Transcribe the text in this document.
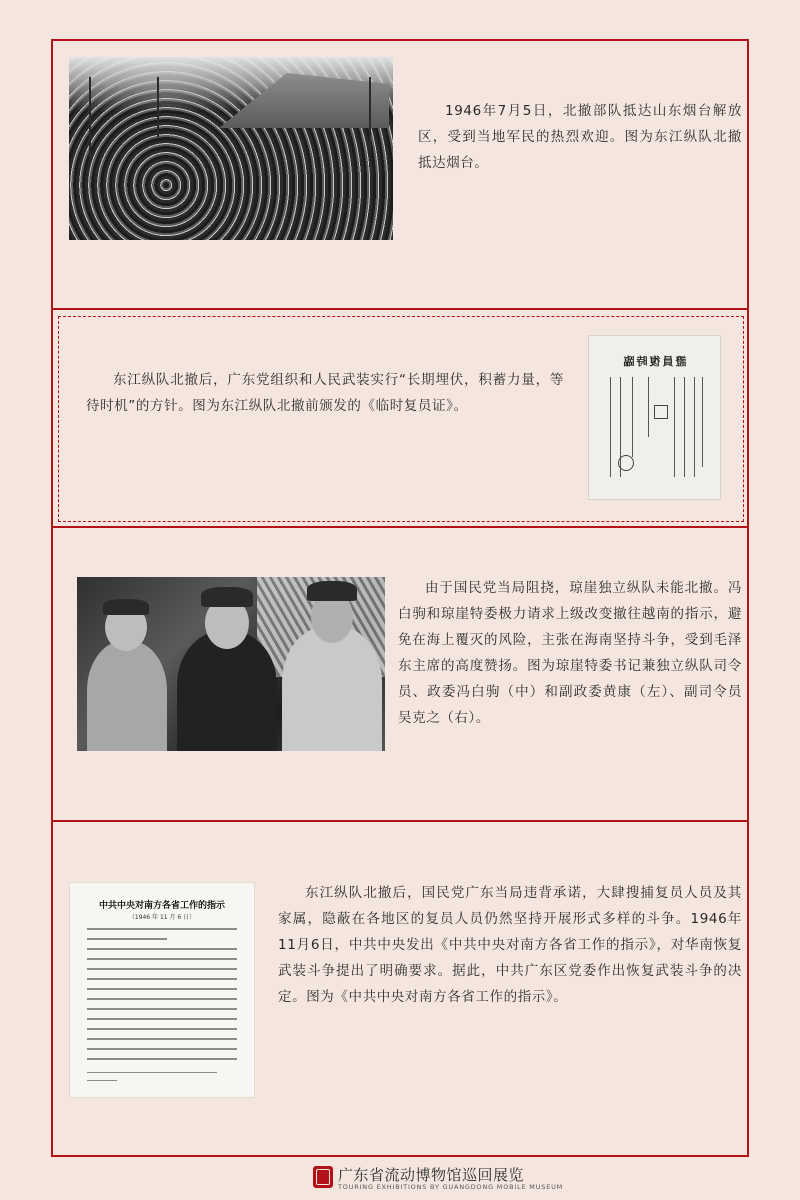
1946年7月5日，北撤部队抵达山东烟台解放区，受到当地军民的热烈欢迎。图为东江纵队北撤抵达烟台。

东江纵队北撤后，广东党组织和人民武装实行“长期埋伏，积蓄力量，等待时机”的方针。图为东江纵队北撤前颁发的《临时复员证》。

證員復時臨

由于国民党当局阻挠，琼崖独立纵队未能北撤。冯白驹和琼崖特委极力请求上级改变撤往越南的指示，避免在海上覆灭的风险，主张在海南坚持斗争，受到毛泽东主席的高度赞扬。图为琼崖特委书记兼独立纵队司令员、政委冯白驹（中）和副政委黄康（左）、副司令员吴克之（右）。

中共中央对南方各省工作的指示
（1946 年 11 月 6 日）

东江纵队北撤后，国民党广东当局违背承诺，大肆搜捕复员人员及其家属，隐蔽在各地区的复员人员仍然坚持开展形式多样的斗争。1946年11月6日，中共中央发出《中共中央对南方各省工作的指示》，对华南恢复武装斗争提出了明确要求。据此，中共广东区党委作出恢复武装斗争的决定。图为《中共中央对南方各省工作的指示》。

广东省流动博物馆巡回展览
TOURING EXHIBITIONS BY GUANGDONG MOBILE MUSEUM
